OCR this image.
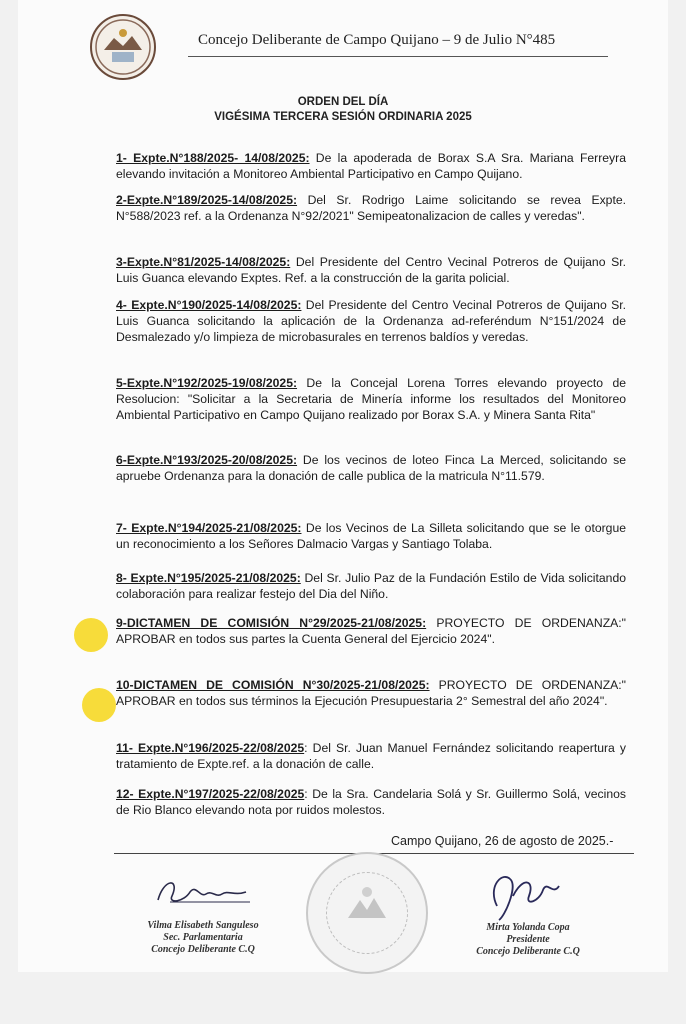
Concejo Deliberante de Campo Quijano – 9 de Julio N°485
ORDEN DEL DÍA
VIGÉSIMA TERCERA SESIÓN ORDINARIA 2025
1- Expte.N°188/2025- 14/08/2025: De la apoderada de Borax S.A Sra. Mariana Ferreyra elevando invitación a Monitoreo Ambiental Participativo en Campo Quijano.
2-Expte.N°189/2025-14/08/2025: Del Sr. Rodrigo Laime solicitando se revea Expte. N°588/2023 ref. a la Ordenanza N°92/2021" Semipeatonalizacion de calles y veredas".
3-Expte.N°81/2025-14/08/2025: Del Presidente del Centro Vecinal Potreros de Quijano Sr. Luis Guanca elevando Exptes. Ref. a la construcción de la garita policial.
4- Expte.N°190/2025-14/08/2025: Del Presidente del Centro Vecinal Potreros de Quijano Sr. Luis Guanca solicitando la aplicación de la Ordenanza ad-referéndum N°151/2024 de Desmalezado y/o limpieza de microbasurales en terrenos baldíos y veredas.
5-Expte.N°192/2025-19/08/2025: De la Concejal Lorena Torres elevando proyecto de Resolucion: "Solicitar a la Secretaria de Minería informe los resultados del Monitoreo Ambiental Participativo en Campo Quijano realizado por Borax S.A. y Minera Santa Rita"
6-Expte.N°193/2025-20/08/2025: De los vecinos de loteo Finca La Merced, solicitando se apruebe Ordenanza para la donación de calle publica de la matricula N°11.579.
7- Expte.N°194/2025-21/08/2025: De los Vecinos de La Silleta solicitando que se le otorgue un reconocimiento a los Señores Dalmacio Vargas y Santiago Tolaba.
8- Expte.N°195/2025-21/08/2025: Del Sr. Julio Paz de la Fundación Estilo de Vida solicitando colaboración para realizar festejo del Dia del Niño.
9-DICTAMEN DE COMISIÓN N°29/2025-21/08/2025: PROYECTO DE ORDENANZA:" APROBAR en todos sus partes la Cuenta General del Ejercicio 2024".
10-DICTAMEN DE COMISIÓN N°30/2025-21/08/2025: PROYECTO DE ORDENANZA:" APROBAR en todos sus términos la Ejecución Presupuestaria 2° Semestral del año 2024".
11- Expte.N°196/2025-22/08/2025: Del Sr. Juan Manuel Fernández solicitando reapertura y tratamiento de Expte.ref. a la donación de calle.
12- Expte.N°197/2025-22/08/2025: De la Sra. Candelaria Solá y Sr. Guillermo Solá, vecinos de Rio Blanco elevando nota por ruidos molestos.
Campo Quijano, 26 de agosto de 2025.-
Vilma Elisabeth Sanguleso
Sec. Parlamentaria
Concejo Deliberante C.Q
Mirta Yolanda Copa
Presidente
Concejo Deliberante C.Q
